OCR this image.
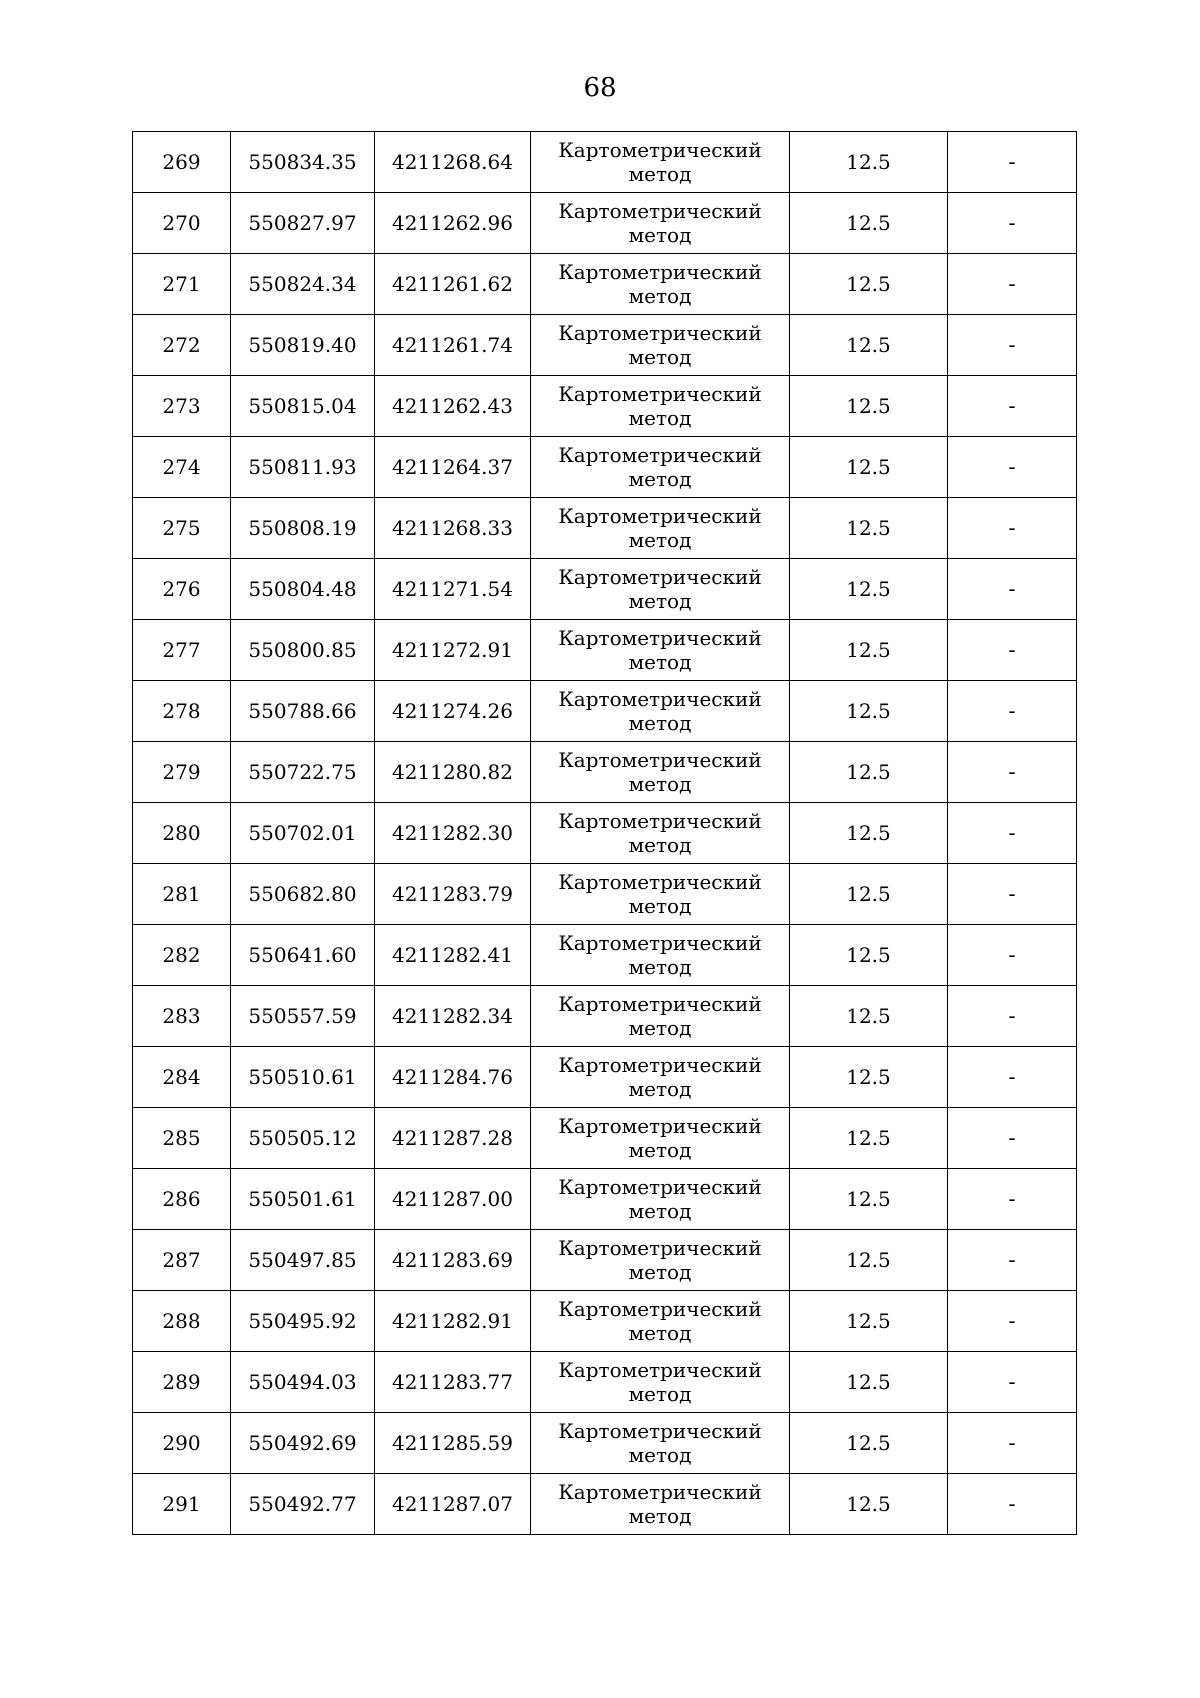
68
269	550834.35	4211268.64	Картометрический метод	12.5	-
270	550827.97	4211262.96	Картометрический метод	12.5	-
271	550824.34	4211261.62	Картометрический метод	12.5	-
272	550819.40	4211261.74	Картометрический метод	12.5	-
273	550815.04	4211262.43	Картометрический метод	12.5	-
274	550811.93	4211264.37	Картометрический метод	12.5	-
275	550808.19	4211268.33	Картометрический метод	12.5	-
276	550804.48	4211271.54	Картометрический метод	12.5	-
277	550800.85	4211272.91	Картометрический метод	12.5	-
278	550788.66	4211274.26	Картометрический метод	12.5	-
279	550722.75	4211280.82	Картометрический метод	12.5	-
280	550702.01	4211282.30	Картометрический метод	12.5	-
281	550682.80	4211283.79	Картометрический метод	12.5	-
282	550641.60	4211282.41	Картометрический метод	12.5	-
283	550557.59	4211282.34	Картометрический метод	12.5	-
284	550510.61	4211284.76	Картометрический метод	12.5	-
285	550505.12	4211287.28	Картометрический метод	12.5	-
286	550501.61	4211287.00	Картометрический метод	12.5	-
287	550497.85	4211283.69	Картометрический метод	12.5	-
288	550495.92	4211282.91	Картометрический метод	12.5	-
289	550494.03	4211283.77	Картометрический метод	12.5	-
290	550492.69	4211285.59	Картометрический метод	12.5	-
291	550492.77	4211287.07	Картометрический метод	12.5	-
